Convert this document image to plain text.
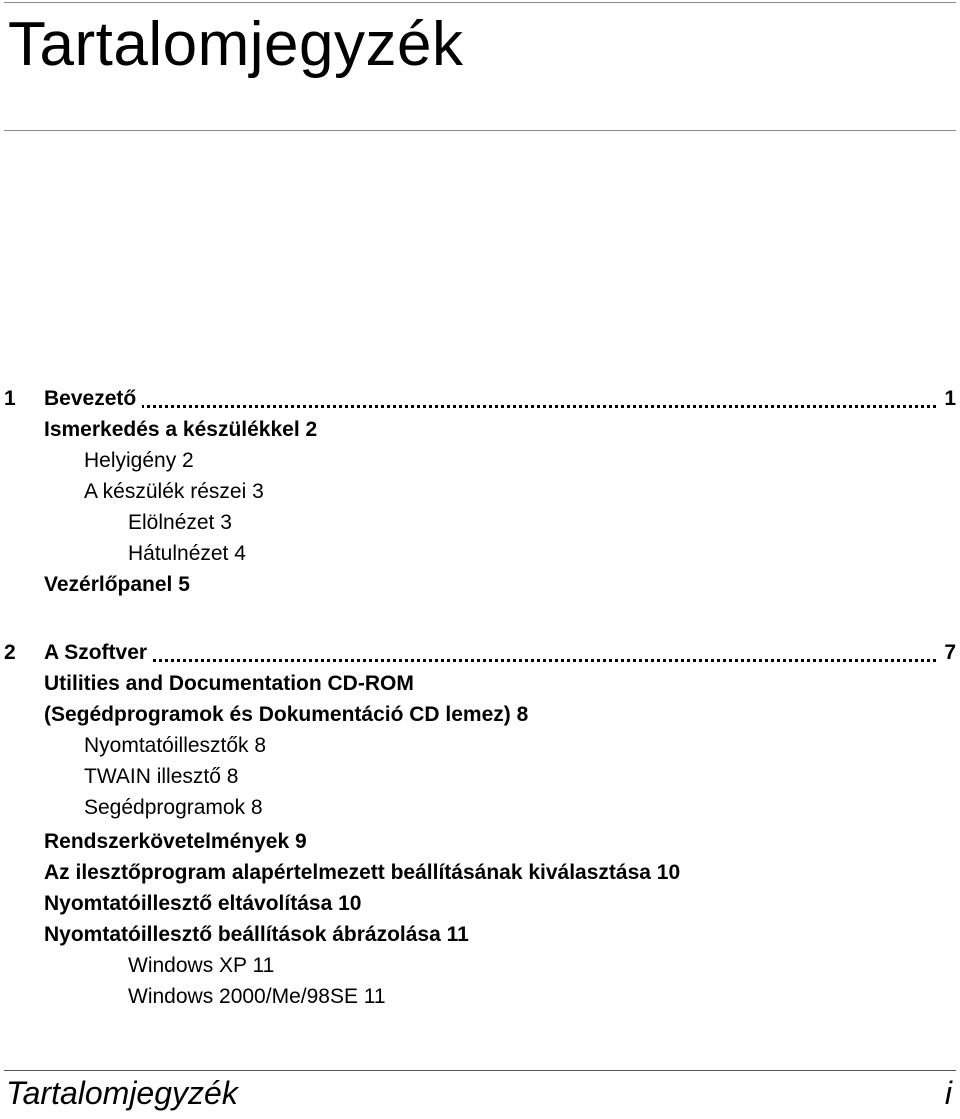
Tartalomjegyzék
1 Bevezető	1
Ismerkedés a készülékkel 2
Helyigény 2
A készülék részei 3
Elölnézet 3
Hátulnézet 4
Vezérlőpanel 5
2 A Szoftver	7
Utilities and Documentation CD-ROM
(Segédprogramok és Dokumentáció CD lemez) 8
Nyomtatóillesztők 8
TWAIN illesztő 8
Segédprogramok 8
Rendszerkövetelmények 9
Az ilesztőprogram alapértelmezett beállításának kiválasztása 10
Nyomtatóillesztő eltávolítása 10
Nyomtatóillesztő beállítások ábrázolása 11
Windows XP 11
Windows 2000/Me/98SE 11
Tartalomjegyzék	i
